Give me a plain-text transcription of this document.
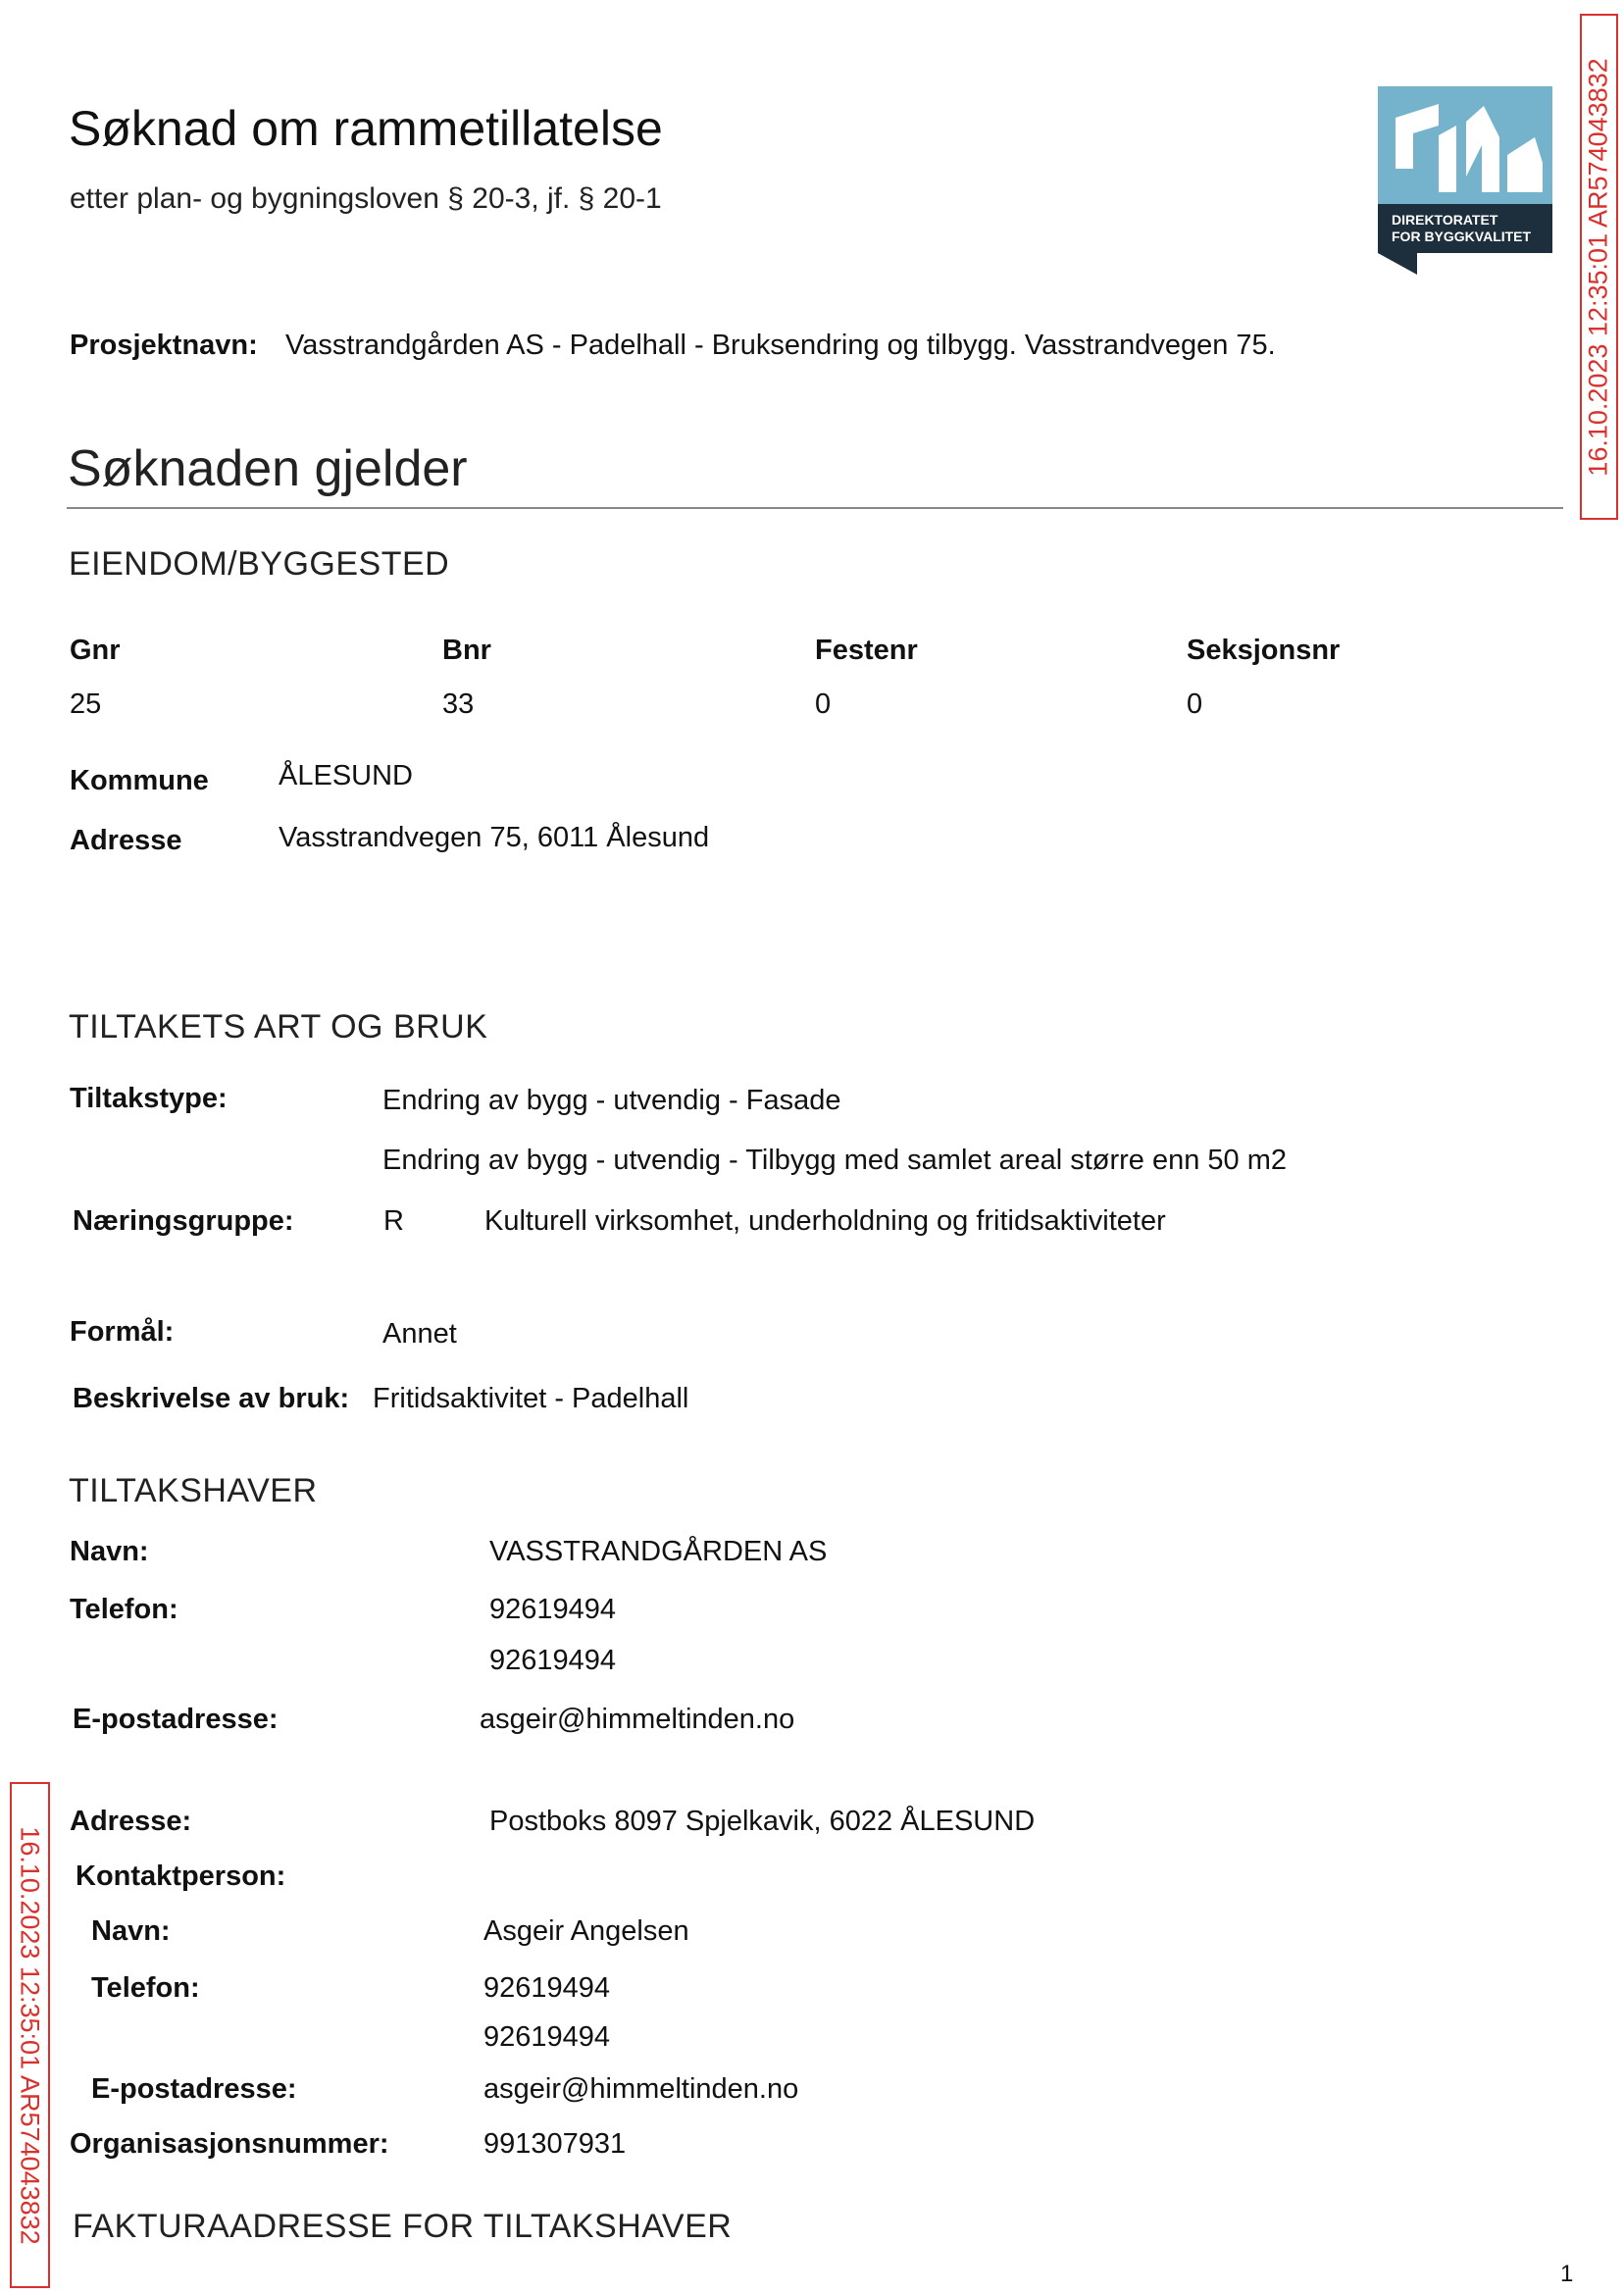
Søknad om rammetillatelse
etter plan- og bygningsloven § 20-3, jf. § 20-1
DIREKTORATET
FOR BYGGKVALITET 16.10.2023 12:35:01 AR574043832
16.10.2023 12:35:01 AR574043832
Prosjektnavn: Vasstrandgården AS - Padelhall - Bruksendring og tilbygg. Vasstrandvegen 75.
Søknaden gjelder
EIENDOM/BYGGESTED
Gnr	Bnr	Festenr	Seksjonsnr
25	33	0	0
Kommune ÅLESUND
Adresse	Vasstrandvegen 75, 6011 Ålesund
TILTAKETS ART OG BRUK
Tiltakstype:	Endring av bygg - utvendig - Fasade
Endring av bygg - utvendig - Tilbygg med samlet areal større enn 50 m2
Næringsgruppe:	R	Kulturell virksomhet, underholdning og fritidsaktiviteter
Formål:	Annet
Beskrivelse av bruk: Fritidsaktivitet - Padelhall
TILTAKSHAVER
Navn:	VASSTRANDGÅRDEN AS
Telefon:	92619494
92619494
E-postadresse:	asgeir@himmeltinden.no
Adresse:	Postboks 8097 Spjelkavik, 6022 ÅLESUND
Kontaktperson:
Navn:	Asgeir Angelsen
Telefon:	92619494
92619494
E-postadresse:	asgeir@himmeltinden.no
Organisasjonsnummer:	991307931
FAKTURAADRESSE FOR TILTAKSHAVER
1
